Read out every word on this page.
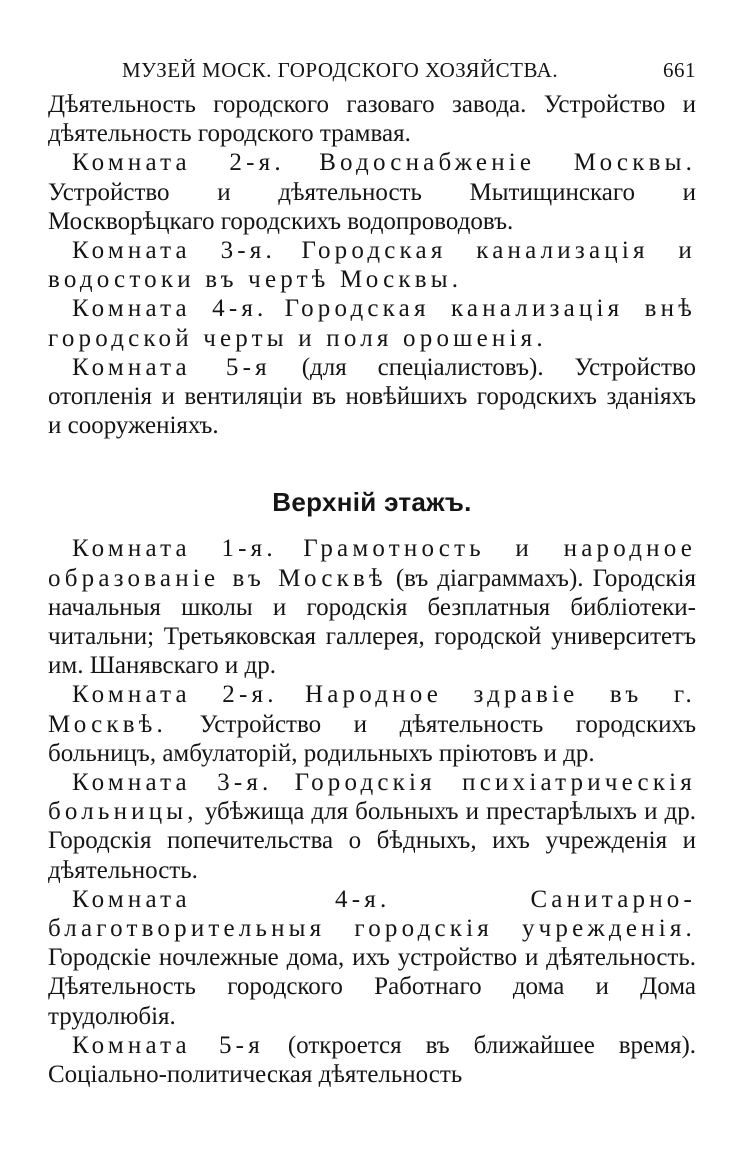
МУЗЕЙ МОСК. ГОРОДСКОГО ХОЗЯЙСТВА.	661

Дѣятельность городского газоваго завода. Устройство и дѣятельность городского трамвая.

Комната 2-я. Водоснабженіе Москвы. Устройство и дѣятельность Мытищинскаго и Москворѣцкаго городскихъ водопроводовъ.

Комната 3-я. Городская канализація и водостоки въ чертѣ Москвы.

Комната 4-я. Городская канализація внѣ городской черты и поля орошенія.

Комната 5-я (для спеціалистовъ). Устройство отопленія и вентиляціи въ новѣйшихъ городскихъ зданіяхъ и сооруженіяхъ.

Верхній этажъ.

Комната 1-я. Грамотность и народное образованіе въ Москвѣ (въ діаграммахъ). Городскія начальныя школы и городскія безплатныя библіотеки-читальни; Третьяковская галлерея, городской университетъ им. Шанявскаго и др.

Комната 2-я. Народное здравіе въ г. Москвѣ. Устройство и дѣятельность городскихъ больницъ, амбулаторій, родильныхъ пріютовъ и др.

Комната 3-я. Городскія психіатрическія больницы, убѣжища для больныхъ и престарѣлыхъ и др. Городскія попечительства о бѣдныхъ, ихъ учрежденія и дѣятельность.

Комната 4-я.	Санитарно-благотворительныя городскія учрежденія. Городскіе ночлежные дома, ихъ устройство и дѣятельность. Дѣятельность городского Работнаго дома и Дома трудолюбія.

Комната 5-я (откроется въ ближайшее время). Соціально-политическая дѣятельность
